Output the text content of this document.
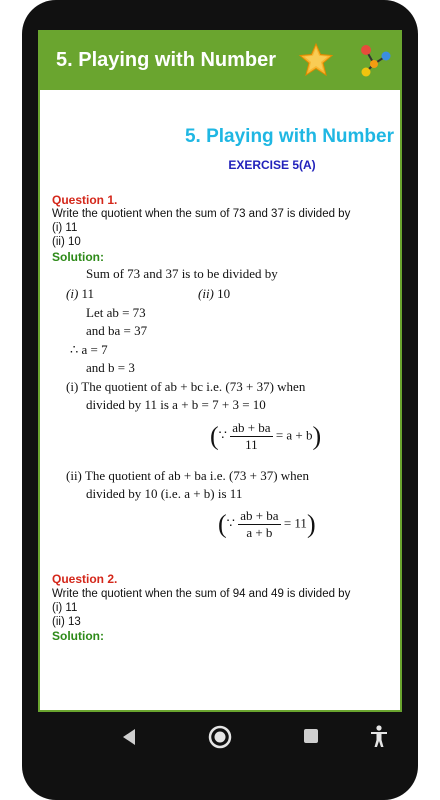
5. Playing with Number
5. Playing with Number
EXERCISE 5(A)
Question 1.
Write the quotient when the sum of 73 and 37 is divided by
(i) 11
(ii) 10
Solution:
Sum of 73 and 37 is to be divided by
(i) 11	(ii) 10
Let ab = 73
and ba = 37
∴ a = 7
and b = 3
(i) The quotient of ab + bc i.e. (73 + 37) when
divided by 11 is a + b = 7 + 3 = 10
(∵ $\frac{ab + ba}{11} = a + b$)
(ii) The quotient of ab + ba i.e. (73 + 37) when
divided by 10 (i.e. a + b) is 11
(∵ $\frac{ab + ba}{a + b} = 11$)
Question 2.
Write the quotient when the sum of 94 and 49 is divided by
(i) 11
(ii) 13
Solution:
